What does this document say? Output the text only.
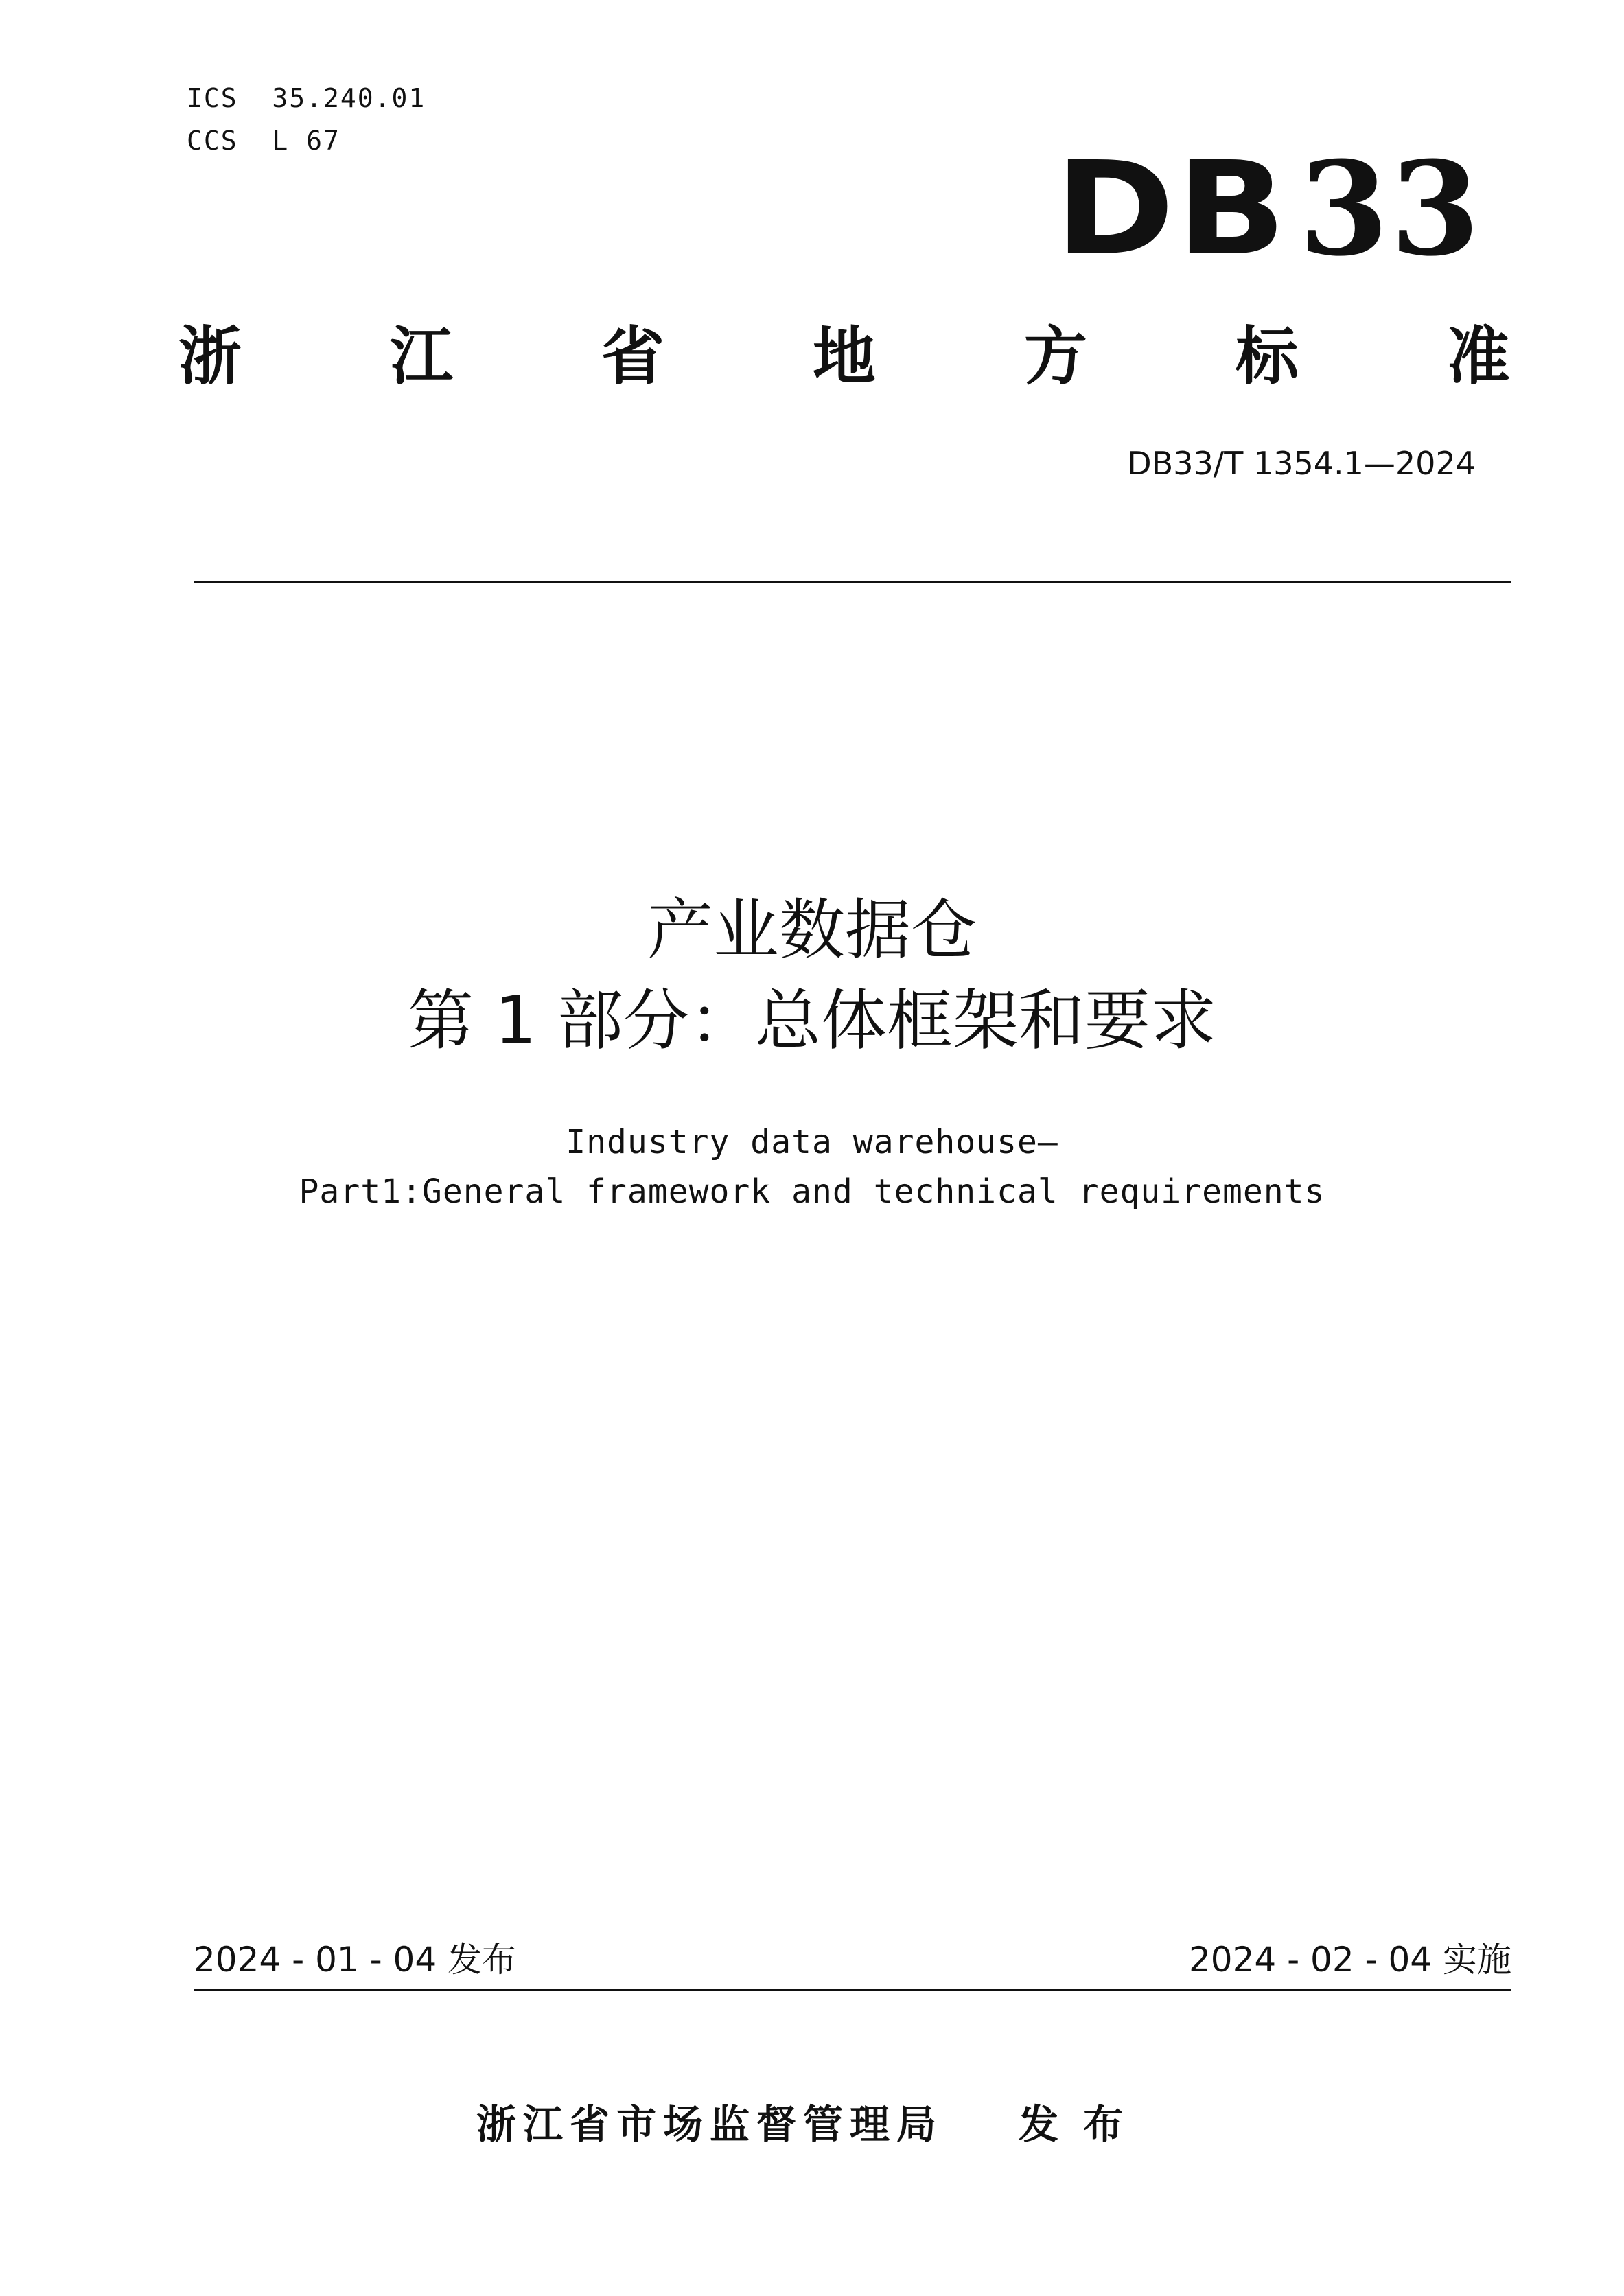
ICS  35.240.01
CCS  L 67	DB 33
浙 江 省 地 方 标 准
DB33/T 1354.1—2024
产业数据仓
第 1 部分：总体框架和要求
Industry data warehouse—
Part1:General framework and technical requirements
2024 - 01 - 04 发布	2024 - 02 - 04 实施
浙江省市场监督管理局 发布
